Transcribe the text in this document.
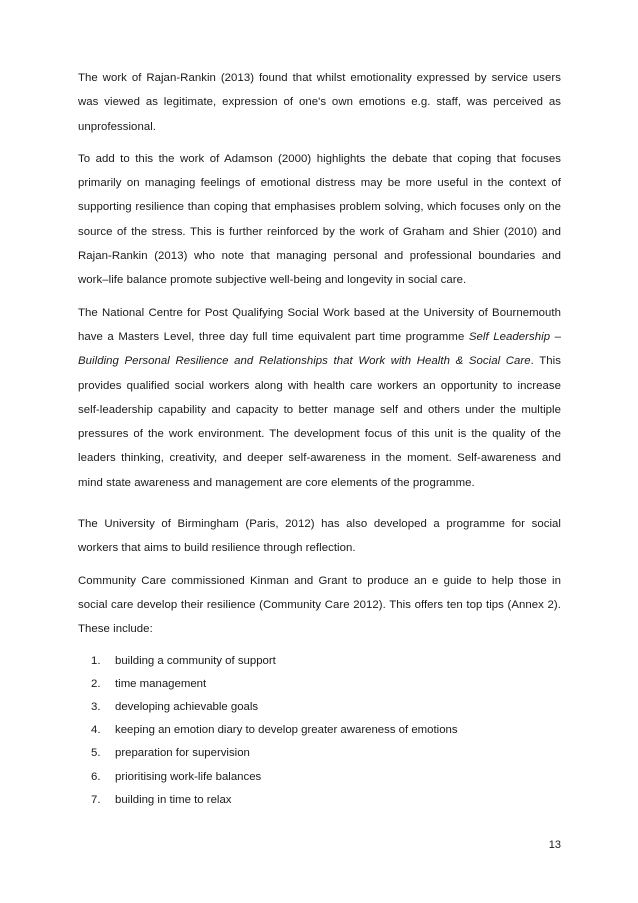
The work of Rajan-Rankin (2013) found that whilst emotionality expressed by service users was viewed as legitimate, expression of one's own emotions e.g. staff, was perceived as unprofessional.

To add to this the work of Adamson (2000) highlights the debate that coping that focuses primarily on managing feelings of emotional distress may be more useful in the context of supporting resilience than coping that emphasises problem solving, which focuses only on the source of the stress. This is further reinforced by the work of Graham and Shier (2010) and Rajan-Rankin (2013) who note that managing personal and professional boundaries and work–life balance promote subjective well-being and longevity in social care.

The National Centre for Post Qualifying Social Work based at the University of Bournemouth have a Masters Level, three day full time equivalent part time programme Self Leadership – Building Personal Resilience and Relationships that Work with Health & Social Care. This provides qualified social workers along with health care workers an opportunity to increase self-leadership capability and capacity to better manage self and others under the multiple pressures of the work environment. The development focus of this unit is the quality of the leaders thinking, creativity, and deeper self-awareness in the moment. Self-awareness and mind state awareness and management are core elements of the programme.

The University of Birmingham (Paris, 2012) has also developed a programme for social workers that aims to build resilience through reflection.

Community Care commissioned Kinman and Grant to produce an e guide to help those in social care develop their resilience (Community Care 2012). This offers ten top tips (Annex 2). These include:

1.	building a community of support
2.	time management
3.	developing achievable goals
4.	keeping an emotion diary to develop greater awareness of emotions
5.	preparation for supervision
6.	prioritising work-life balances
7.	building in time to relax
13
